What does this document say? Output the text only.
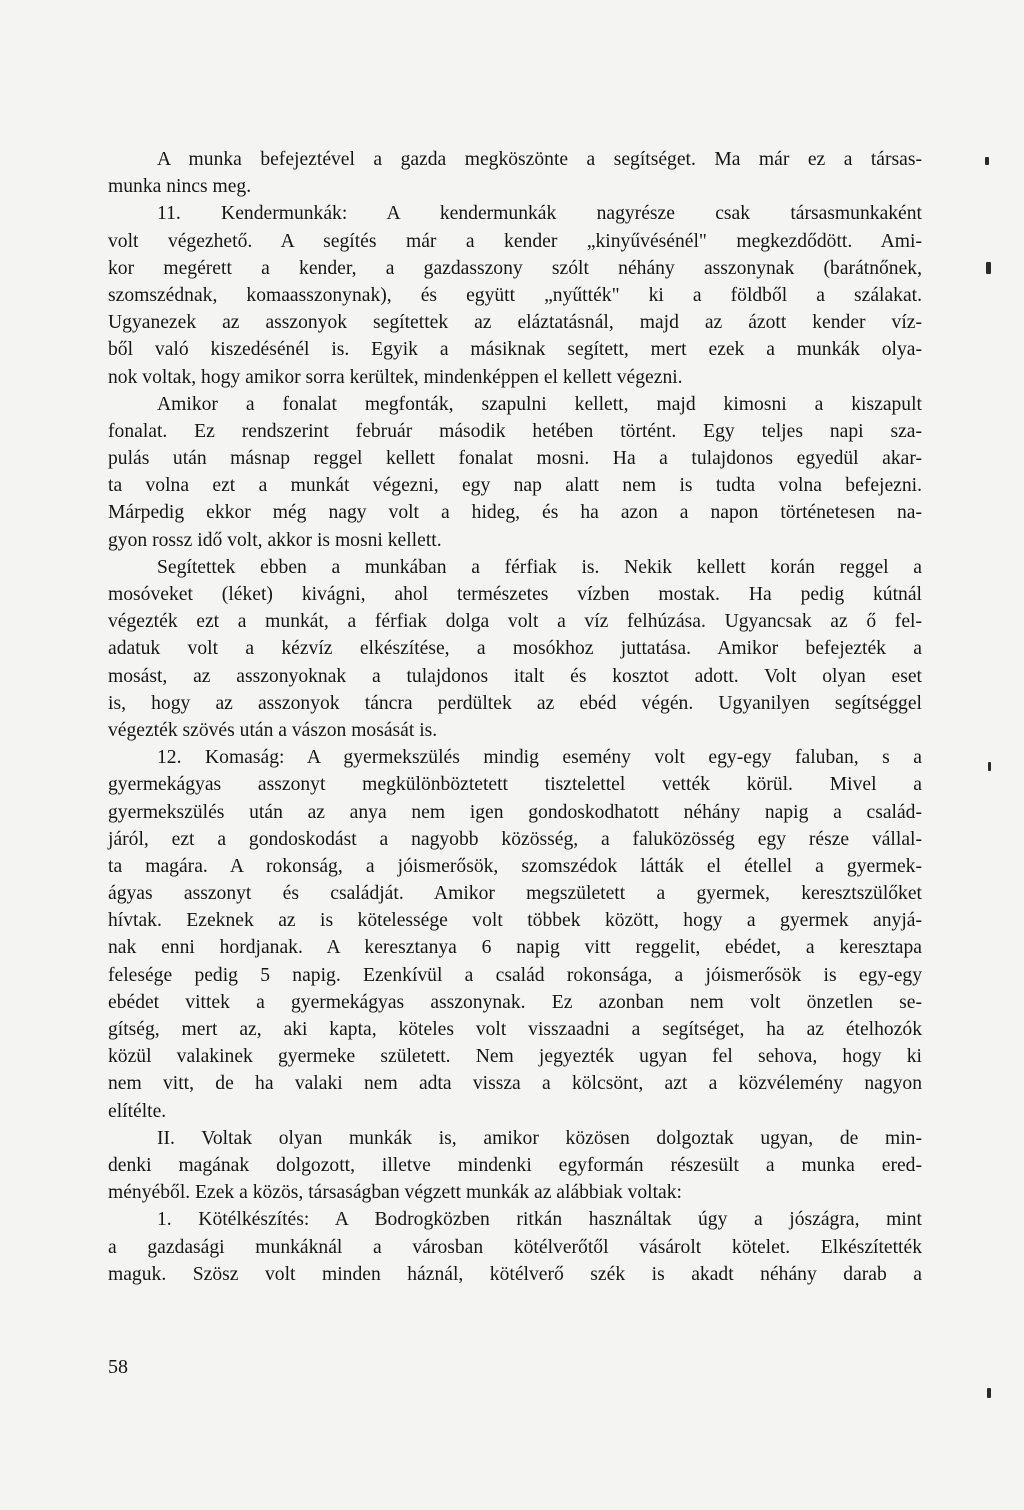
A munka befejeztével a gazda megköszönte a segítséget. Ma már ez a társas-
munka nincs meg.
11. Kendermunkák: A kendermunkák nagyrésze csak társasmunkaként
volt végezhető. A segítés már a kender „kinyűvésénél" megkezdődött. Ami-
kor megérett a kender, a gazdasszony szólt néhány asszonynak (barátnőnek,
szomszédnak, komaasszonynak), és együtt „nyűtték" ki a földből a szálakat.
Ugyanezek az asszonyok segítettek az eláztatásnál, majd az ázott kender víz-
ből való kiszedésénél is. Egyik a másiknak segített, mert ezek a munkák olya-
nok voltak, hogy amikor sorra kerültek, mindenképpen el kellett végezni.
Amikor a fonalat megfonták, szapulni kellett, majd kimosni a kiszapult
fonalat. Ez rendszerint február második hetében történt. Egy teljes napi sza-
pulás után másnap reggel kellett fonalat mosni. Ha a tulajdonos egyedül akar-
ta volna ezt a munkát végezni, egy nap alatt nem is tudta volna befejezni.
Márpedig ekkor még nagy volt a hideg, és ha azon a napon történetesen na-
gyon rossz idő volt, akkor is mosni kellett.
Segítettek ebben a munkában a férfiak is. Nekik kellett korán reggel a
mosóveket (léket) kivágni, ahol természetes vízben mostak. Ha pedig kútnál
végezték ezt a munkát, a férfiak dolga volt a víz felhúzása. Ugyancsak az ő fel-
adatuk volt a kézvíz elkészítése, a mosókhoz juttatása. Amikor befejezték a
mosást, az asszonyoknak a tulajdonos italt és kosztot adott. Volt olyan eset
is, hogy az asszonyok táncra perdültek az ebéd végén. Ugyanilyen segítséggel
végezték szövés után a vászon mosását is.
12. Komaság: A gyermekszülés mindig esemény volt egy-egy faluban, s a
gyermekágyas asszonyt megkülönböztetett tisztelettel vették körül. Mivel a
gyermekszülés után az anya nem igen gondoskodhatott néhány napig a család-
járól, ezt a gondoskodást a nagyobb közösség, a faluközösség egy része vállal-
ta magára. A rokonság, a jóismerősök, szomszédok látták el étellel a gyermek-
ágyas asszonyt és családját. Amikor megszületett a gyermek, keresztszülőket
hívtak. Ezeknek az is kötelessége volt többek között, hogy a gyermek anyjá-
nak enni hordjanak. A keresztanya 6 napig vitt reggelit, ebédet, a keresztapa
felesége pedig 5 napig. Ezenkívül a család rokonsága, a jóismerősök is egy-egy
ebédet vittek a gyermekágyas asszonynak. Ez azonban nem volt önzetlen se-
gítség, mert az, aki kapta, köteles volt visszaadni a segítséget, ha az ételhozók
közül valakinek gyermeke született. Nem jegyezték ugyan fel sehova, hogy ki
nem vitt, de ha valaki nem adta vissza a kölcsönt, azt a közvélemény nagyon
elítélte.
II. Voltak olyan munkák is, amikor közösen dolgoztak ugyan, de min-
denki magának dolgozott, illetve mindenki egyformán részesült a munka ered-
ményéből. Ezek a közös, társaságban végzett munkák az alábbiak voltak:
1. Kötélkészítés: A Bodrogközben ritkán használtak úgy a jószágra, mint
a gazdasági munkáknál a városban kötélverőtől vásárolt kötelet. Elkészítették
maguk. Szösz volt minden háznál, kötélverő szék is akadt néhány darab a
58
